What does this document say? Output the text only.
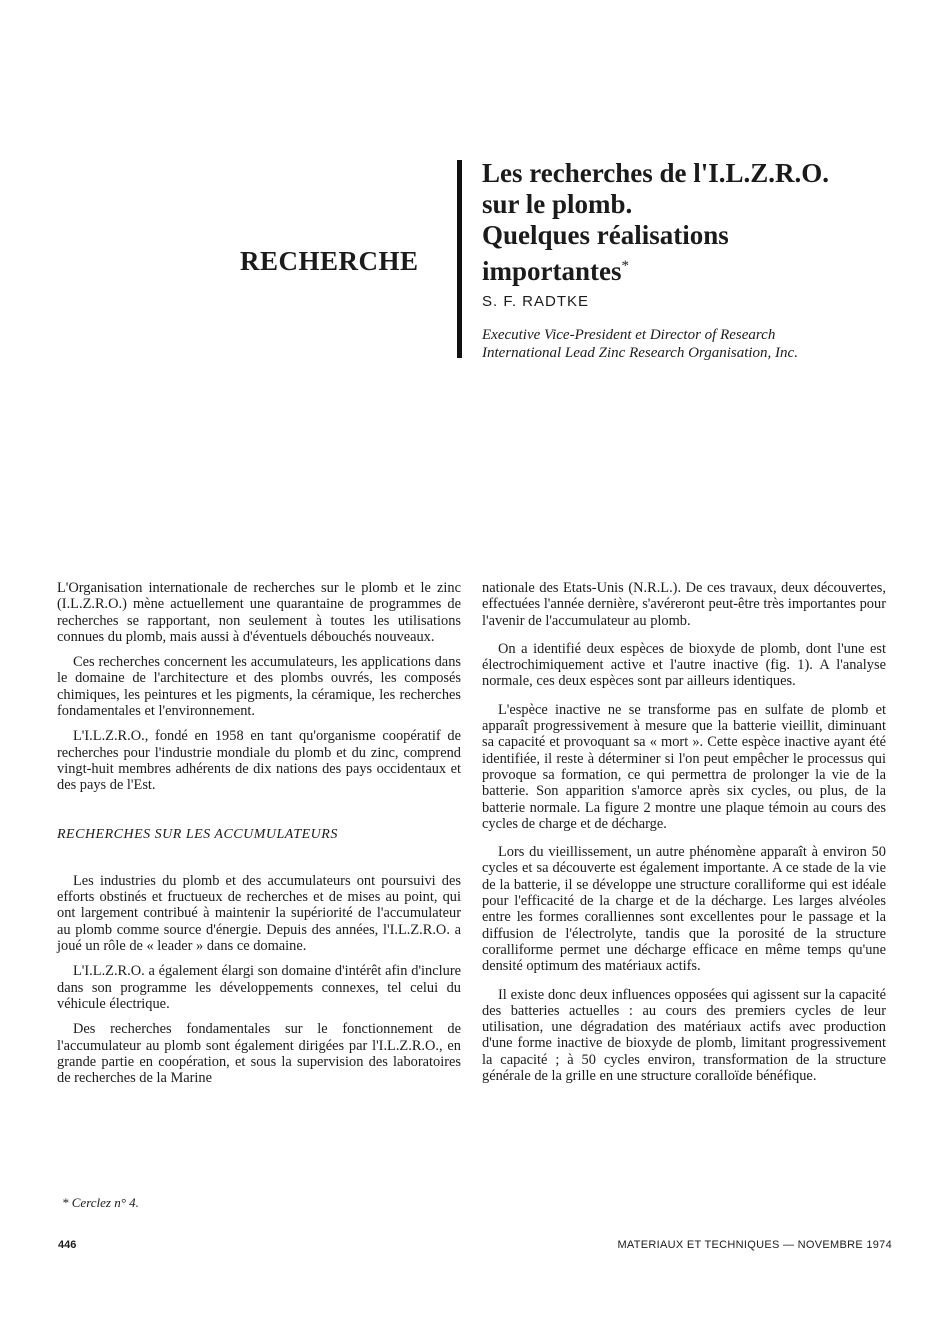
RECHERCHE
Les recherches de l'I.L.Z.R.O.
sur le plomb.
Quelques réalisations
importantes*
S. F. RADTKE
Executive Vice-President et Director of Research
International Lead Zinc Research Organisation, Inc.

L'Organisation internationale de recherches sur le plomb et le zinc (I.L.Z.R.O.) mène actuellement une quarantaine de programmes de recherches se rapportant, non seulement à toutes les utilisations connues du plomb, mais aussi à d'éventuels débouchés nouveaux.

Ces recherches concernent les accumulateurs, les applications dans le domaine de l'architecture et des plombs ouvrés, les composés chimiques, les peintures et les pigments, la céramique, les recherches fondamentales et l'environnement.

L'I.L.Z.R.O., fondé en 1958 en tant qu'organisme coopératif de recherches pour l'industrie mondiale du plomb et du zinc, comprend vingt-huit membres adhérents de dix nations des pays occidentaux et des pays de l'Est.

RECHERCHES SUR LES ACCUMULATEURS

Les industries du plomb et des accumulateurs ont poursuivi des efforts obstinés et fructueux de recherches et de mises au point, qui ont largement contribué à maintenir la supériorité de l'accumulateur au plomb comme source d'énergie. Depuis des années, l'I.L.Z.R.O. a joué un rôle de « leader » dans ce domaine.

L'I.L.Z.R.O. a également élargi son domaine d'intérêt afin d'inclure dans son programme les développements connexes, tel celui du véhicule électrique.

Des recherches fondamentales sur le fonctionnement de l'accumulateur au plomb sont également dirigées par l'I.L.Z.R.O., en grande partie en coopération, et sous la supervision des laboratoires de recherches de la Marine

nationale des Etats-Unis (N.R.L.). De ces travaux, deux découvertes, effectuées l'année dernière, s'avéreront peut-être très importantes pour l'avenir de l'accumulateur au plomb.

On a identifié deux espèces de bioxyde de plomb, dont l'une est électrochimiquement active et l'autre inactive (fig. 1). A l'analyse normale, ces deux espèces sont par ailleurs identiques.

L'espèce inactive ne se transforme pas en sulfate de plomb et apparaît progressivement à mesure que la batterie vieillit, diminuant sa capacité et provoquant sa « mort ». Cette espèce inactive ayant été identifiée, il reste à déterminer si l'on peut empêcher le processus qui provoque sa formation, ce qui permettra de prolonger la vie de la batterie. Son apparition s'amorce après six cycles, ou plus, de la batterie normale. La figure 2 montre une plaque témoin au cours des cycles de charge et de décharge.

Lors du vieillissement, un autre phénomène apparaît à environ 50 cycles et sa découverte est également importante. A ce stade de la vie de la batterie, il se développe une structure coralliforme qui est idéale pour l'efficacité de la charge et de la décharge. Les larges alvéoles entre les formes coralliennes sont excellentes pour le passage et la diffusion de l'électrolyte, tandis que la porosité de la structure coralliforme permet une décharge efficace en même temps qu'une densité optimum des matériaux actifs.

Il existe donc deux influences opposées qui agissent sur la capacité des batteries actuelles : au cours des premiers cycles de leur utilisation, une dégradation des matériaux actifs avec production d'une forme inactive de bioxyde de plomb, limitant progressivement la capacité ; à 50 cycles environ, transformation de la structure générale de la grille en une structure coralloïde bénéfique.

* Cerclez n° 4.
446	MATERIAUX ET TECHNIQUES — NOVEMBRE 1974
